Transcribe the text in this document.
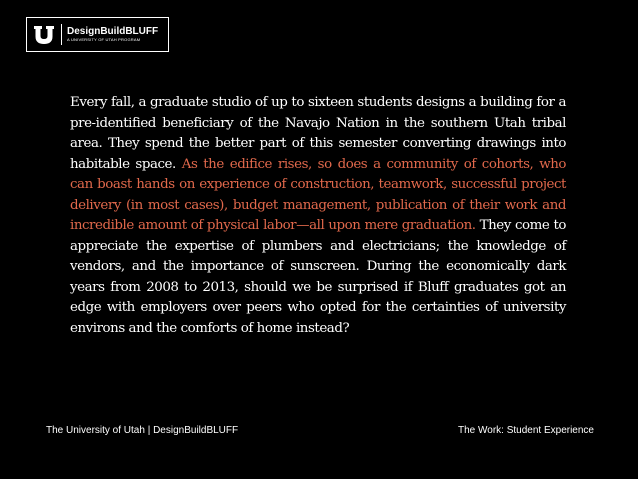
DesignBuildBLUFF
A UNIVERSITY OF UTAH PROGRAM

Every fall, a graduate studio of up to sixteen students designs a building for a pre-identified beneficiary of the Navajo Nation in the southern Utah tribal area. They spend the better part of this semester converting drawings into habitable space. As the edifice rises, so does a community of cohorts, who can boast hands on experience of construction, teamwork, successful project delivery (in most cases), budget management, publication of their work and incredible amount of physical labor—all upon mere graduation. They come to appreciate the expertise of plumbers and electricians; the knowledge of vendors, and the importance of sunscreen. During the economically dark years from 2008 to 2013, should we be surprised if Bluff graduates got an edge with employers over peers who opted for the certainties of university environs and the comforts of home instead?

The University of Utah | DesignBuildBLUFF	The Work: Student Experience
